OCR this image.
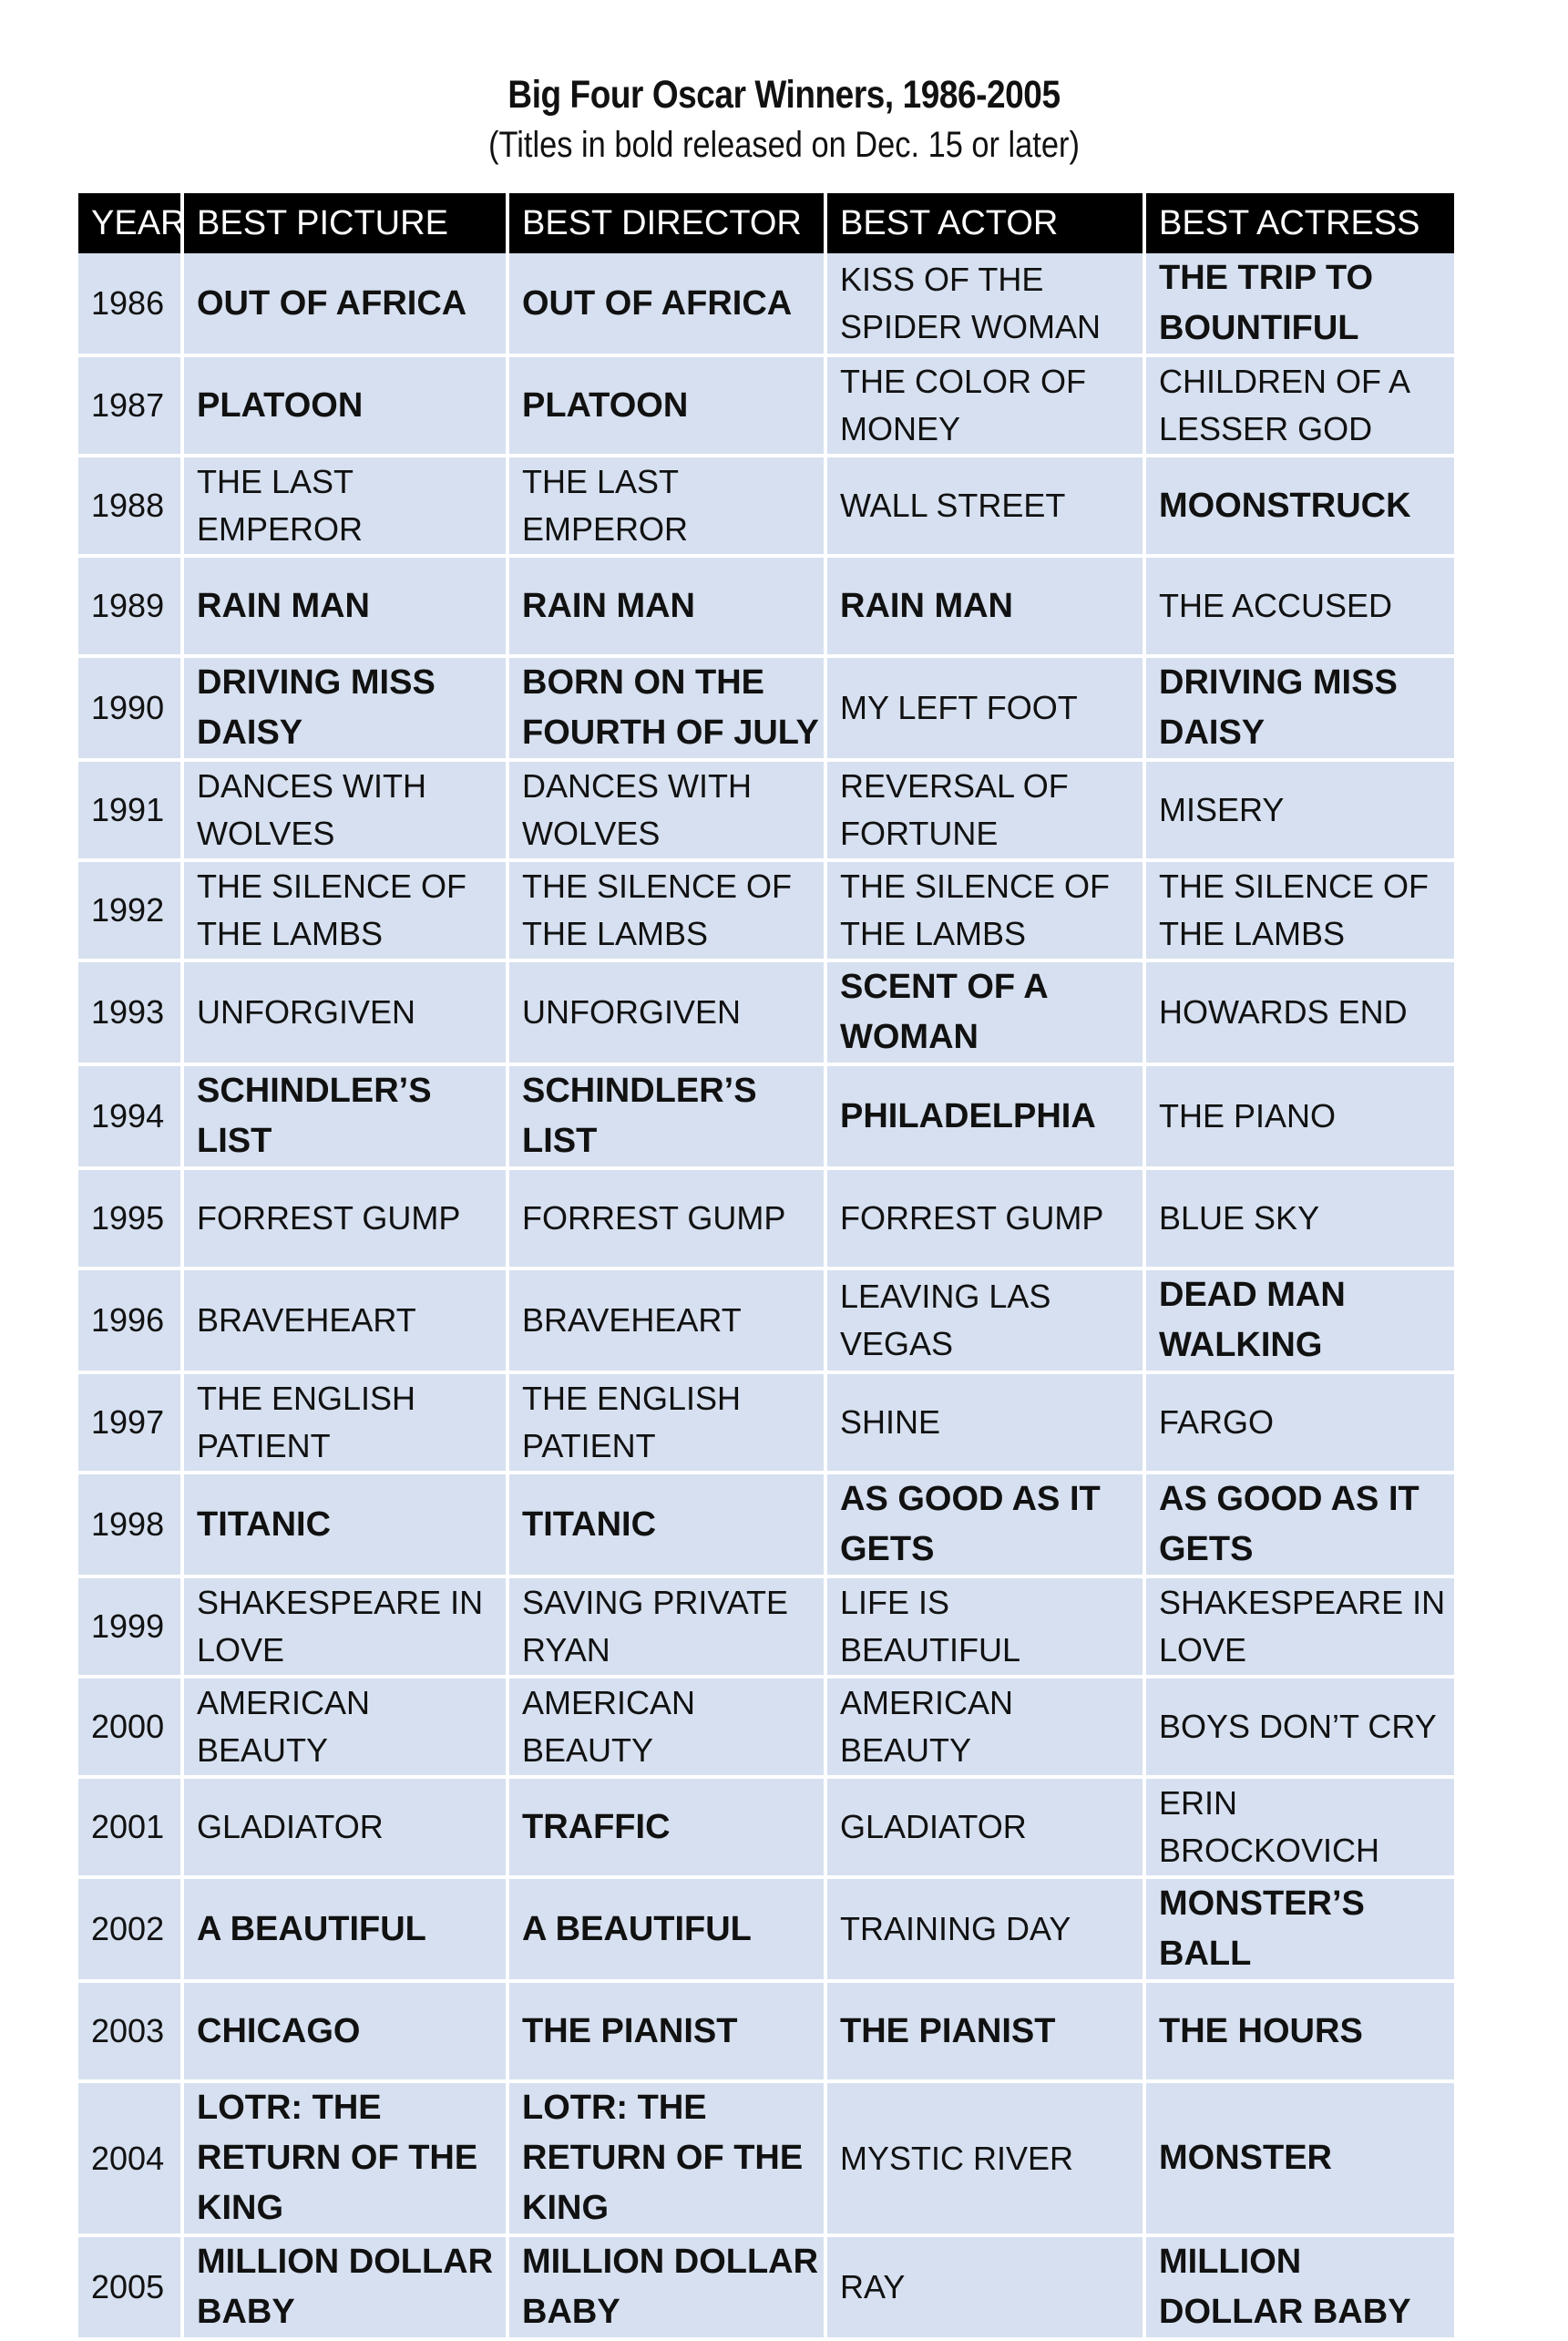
Big Four Oscar Winners, 1986-2005
(Titles in bold released on Dec. 15 or later)
YEAR	BEST PICTURE	BEST DIRECTOR	BEST ACTOR	BEST ACTRESS
1986	OUT OF AFRICA	OUT OF AFRICA	KISS OF THE SPIDER WOMAN	THE TRIP TO BOUNTIFUL
1987	PLATOON	PLATOON	THE COLOR OF MONEY	CHILDREN OF A LESSER GOD
1988	THE LAST EMPEROR	THE LAST EMPEROR	WALL STREET	MOONSTRUCK
1989	RAIN MAN	RAIN MAN	RAIN MAN	THE ACCUSED
1990	DRIVING MISS DAISY	BORN ON THE FOURTH OF JULY	MY LEFT FOOT	DRIVING MISS DAISY
1991	DANCES WITH WOLVES	DANCES WITH WOLVES	REVERSAL OF FORTUNE	MISERY
1992	THE SILENCE OF THE LAMBS	THE SILENCE OF THE LAMBS	THE SILENCE OF THE LAMBS	THE SILENCE OF THE LAMBS
1993	UNFORGIVEN	UNFORGIVEN	SCENT OF A WOMAN	HOWARDS END
1994	SCHINDLER’S LIST	SCHINDLER’S LIST	PHILADELPHIA	THE PIANO
1995	FORREST GUMP	FORREST GUMP	FORREST GUMP	BLUE SKY
1996	BRAVEHEART	BRAVEHEART	LEAVING LAS VEGAS	DEAD MAN WALKING
1997	THE ENGLISH PATIENT	THE ENGLISH PATIENT	SHINE	FARGO
1998	TITANIC	TITANIC	AS GOOD AS IT GETS	AS GOOD AS IT GETS
1999	SHAKESPEARE IN LOVE	SAVING PRIVATE RYAN	LIFE IS BEAUTIFUL	SHAKESPEARE IN LOVE
2000	AMERICAN BEAUTY	AMERICAN BEAUTY	AMERICAN BEAUTY	BOYS DON’T CRY
2001	GLADIATOR	TRAFFIC	GLADIATOR	ERIN BROCKOVICH
2002	A BEAUTIFUL	A BEAUTIFUL	TRAINING DAY	MONSTER’S BALL
2003	CHICAGO	THE PIANIST	THE PIANIST	THE HOURS
2004	LOTR: THE RETURN OF THE KING	LOTR: THE RETURN OF THE KING	MYSTIC RIVER	MONSTER
2005	MILLION DOLLAR BABY	MILLION DOLLAR BABY	RAY	MILLION DOLLAR BABY
